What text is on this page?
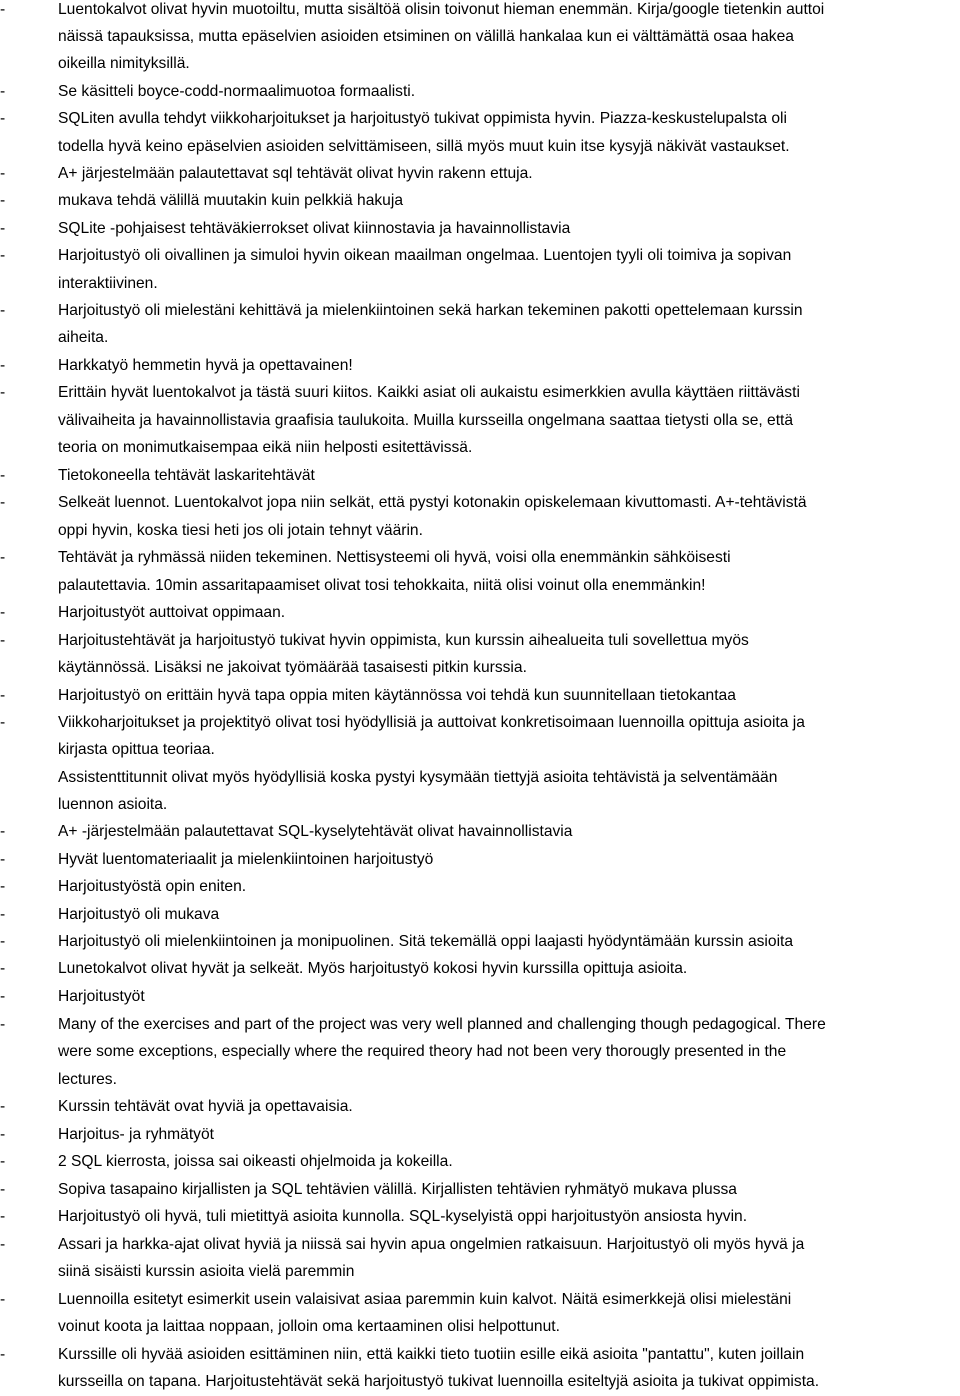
-	Luentokalvot olivat hyvin muotoiltu, mutta sisältöä olisin toivonut hieman enemmän. Kirja/google tietenkin auttoi
näissä tapauksissa, mutta epäselvien asioiden etsiminen on välillä hankalaa kun ei välttämättä osaa hakea
oikeilla nimityksillä.
-	Se käsitteli boyce-codd-normaalimuotoa formaalisti.
-	SQLiten avulla tehdyt viikkoharjoitukset ja harjoitustyö tukivat oppimista hyvin. Piazza-keskustelupalsta oli
todella hyvä keino epäselvien asioiden selvittämiseen, sillä myös muut kuin itse kysyjä näkivät vastaukset.
-	A+ järjestelmään palautettavat sql tehtävät olivat hyvin rakenn ettuja.
-	mukava tehdä välillä muutakin kuin pelkkiä hakuja
-	SQLite -pohjaisest tehtäväkierrokset olivat kiinnostavia ja havainnollistavia
-	Harjoitustyö oli oivallinen ja simuloi hyvin oikean maailman ongelmaa. Luentojen tyyli oli toimiva ja sopivan
interaktiivinen.
-	Harjoitustyö oli mielestäni kehittävä ja mielenkiintoinen sekä harkan tekeminen pakotti opettelemaan kurssin
aiheita.
-	Harkkatyö hemmetin hyvä ja opettavainen!
-	Erittäin hyvät luentokalvot ja tästä suuri kiitos. Kaikki asiat oli aukaistu esimerkkien avulla käyttäen riittävästi
välivaiheita ja havainnollistavia graafisia taulukoita. Muilla kursseilla ongelmana saattaa tietysti olla se, että
teoria on monimutkaisempaa eikä niin helposti esitettävissä.
-	Tietokoneella tehtävät laskaritehtävät
-	Selkeät luennot. Luentokalvot jopa niin selkät, että pystyi kotonakin opiskelemaan kivuttomasti. A+-tehtävistä
oppi hyvin, koska tiesi heti jos oli jotain tehnyt väärin.
-	Tehtävät ja ryhmässä niiden tekeminen. Nettisysteemi oli hyvä, voisi olla enemmänkin sähköisesti
palautettavia. 10min assaritapaamiset olivat tosi tehokkaita, niitä olisi voinut olla enemmänkin!
-	Harjoitustyöt auttoivat oppimaan.
-	Harjoitustehtävät ja harjoitustyö tukivat hyvin oppimista, kun kurssin aihealueita tuli sovellettua myös
käytännössä. Lisäksi ne jakoivat työmäärää tasaisesti pitkin kurssia.
-	Harjoitustyö on erittäin hyvä tapa oppia miten käytännössa voi tehdä kun suunnitellaan tietokantaa
-	Viikkoharjoitukset ja projektityö olivat tosi hyödyllisiä ja auttoivat konkretisoimaan luennoilla opittuja asioita ja
kirjasta opittua teoriaa.
Assistenttitunnit olivat myös hyödyllisiä koska pystyi kysymään tiettyjä asioita tehtävistä ja selventämään
luennon asioita.
-	A+ -järjestelmään palautettavat SQL-kyselytehtävät olivat havainnollistavia
-	Hyvät luentomateriaalit ja mielenkiintoinen harjoitustyö
-	Harjoitustyöstä opin eniten.
-	Harjoitustyö oli mukava
-	Harjoitustyö oli mielenkiintoinen ja monipuolinen. Sitä tekemällä oppi laajasti hyödyntämään kurssin asioita
-	Lunetokalvot olivat hyvät ja selkeät. Myös harjoitustyö kokosi hyvin kurssilla opittuja asioita.
-	Harjoitustyöt
-	Many of the exercises and part of the project was very well planned and challenging though pedagogical. There
were some exceptions, especially where the required theory had not been very thorougly presented in the
lectures.
-	Kurssin tehtävät ovat hyviä ja opettavaisia.
-	Harjoitus- ja ryhmätyöt
-	2 SQL kierrosta, joissa sai oikeasti ohjelmoida ja kokeilla.
-	Sopiva tasapaino kirjallisten ja SQL tehtävien välillä. Kirjallisten tehtävien ryhmätyö mukava plussa
-	Harjoitustyö oli hyvä, tuli mietittyä asioita kunnolla. SQL-kyselyistä oppi harjoitustyön ansiosta hyvin.
-	Assari ja harkka-ajat olivat hyviä ja niissä sai hyvin apua ongelmien ratkaisuun. Harjoitustyö oli myös hyvä ja
siinä sisäisti kurssin asioita vielä paremmin
-	Luennoilla esitetyt esimerkit usein valaisivat asiaa paremmin kuin kalvot. Näitä esimerkkejä olisi mielestäni
voinut koota ja laittaa noppaan, jolloin oma kertaaminen olisi helpottunut.
-	Kurssille oli hyvää asioiden esittäminen niin, että kaikki tieto tuotiin esille eikä asioita "pantattu", kuten joillain
kursseilla on tapana. Harjoitustehtävät sekä harjoitustyö tukivat luennoilla esiteltyjä asioita ja tukivat oppimista.
